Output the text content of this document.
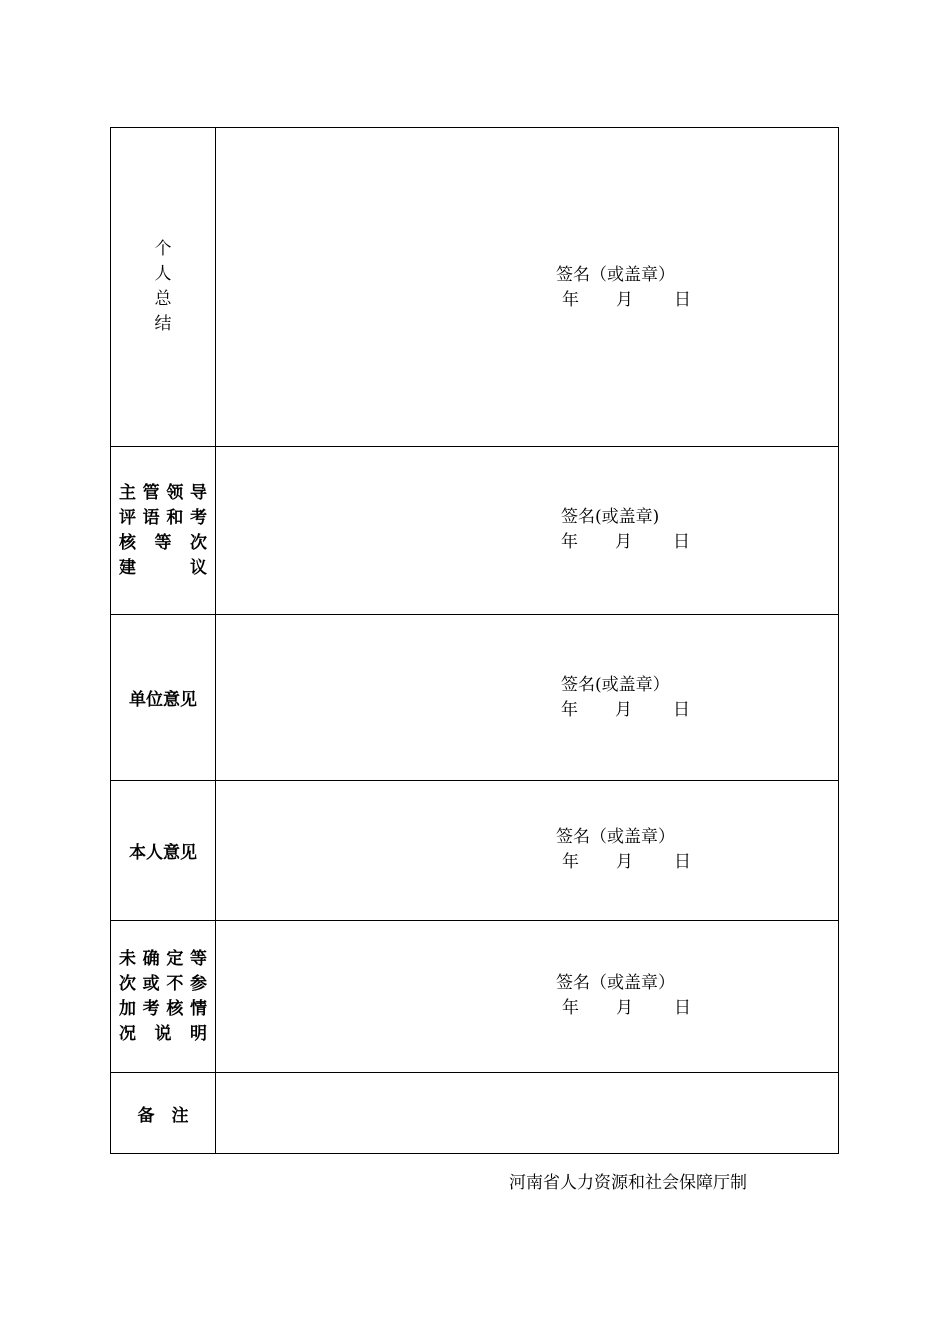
个
人
总
结
签名（或盖章）
年 月 日
主 管 领 导
评 语 和 考
核 等 次
建	议
签名(或盖章)
年 月 日
单位意见
签名(或盖章）
年 月 日
本人意见
签名（或盖章）
年 月 日
未 确 定 等
次 或 不 参
加 考 核 情
况 说 明
签名（或盖章）
年 月 日
备　注
河南省人力资源和社会保障厅制
